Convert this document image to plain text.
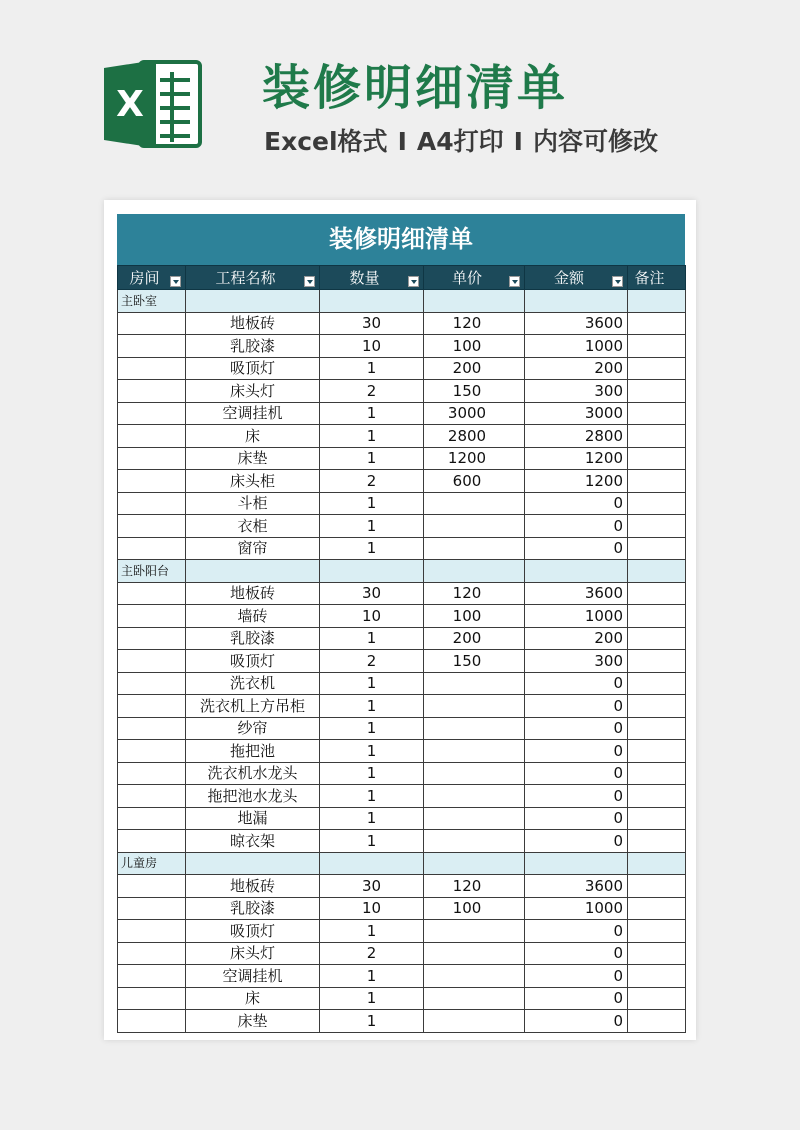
X 装修明细清单
Excel格式 I A4打印 I 内容可修改
装修明细清单
房间	工程名称	数量	单价	金额	备注
主卧室					
	地板砖	30	120	3600	
	乳胶漆	10	100	1000	
	吸顶灯	1	200	200	
	床头灯	2	150	300	
	空调挂机	1	3000	3000	
	床	1	2800	2800	
	床垫	1	1200	1200	
	床头柜	2	600	1200	
	斗柜	1		0	
	衣柜	1		0	
	窗帘	1		0	
主卧阳台					
	地板砖	30	120	3600	
	墙砖	10	100	1000	
	乳胶漆	1	200	200	
	吸顶灯	2	150	300	
	洗衣机	1		0	
	洗衣机上方吊柜	1		0	
	纱帘	1		0	
	拖把池	1		0	
	洗衣机水龙头	1		0	
	拖把池水龙头	1		0	
	地漏	1		0	
	晾衣架	1		0	
儿童房					
	地板砖	30	120	3600	
	乳胶漆	10	100	1000	
	吸顶灯	1		0	
	床头灯	2		0	
	空调挂机	1		0	
	床	1		0	
	床垫	1		0	
